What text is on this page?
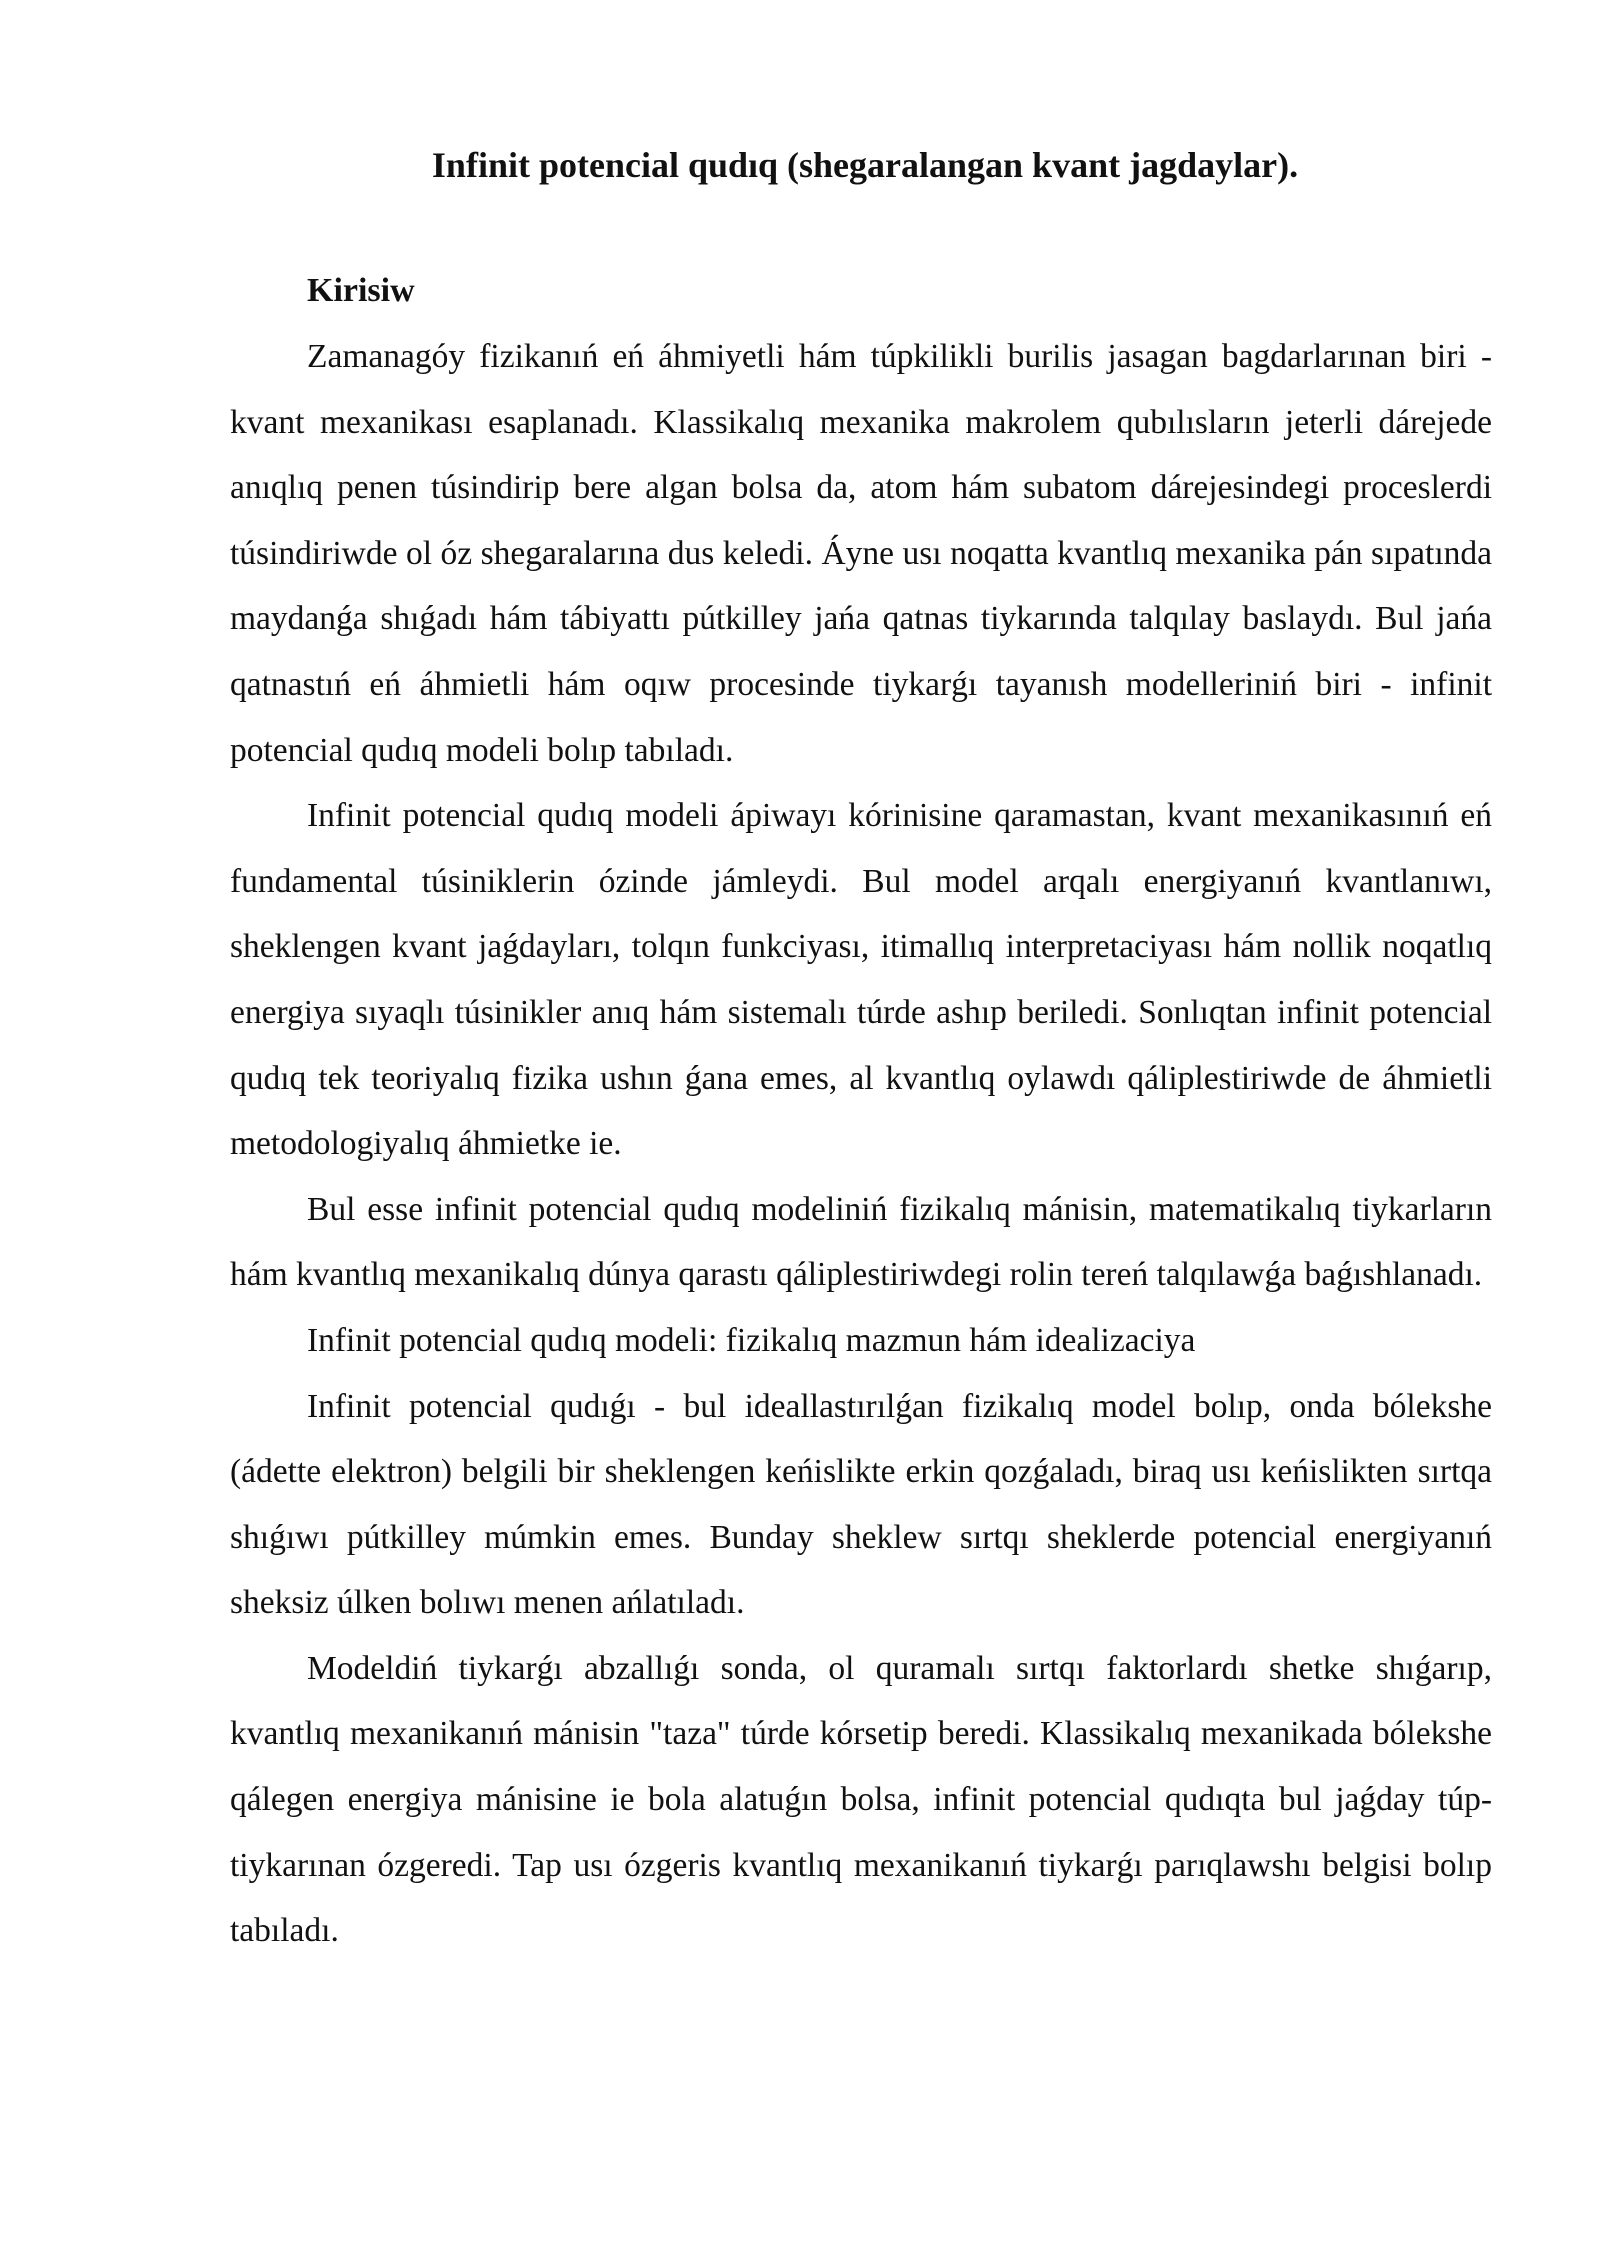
Infinit potencial qudıq (shegaralangan kvant jagdaylar).
Kirisiw

Zamanagóy fizikanıń eń áhmiyetli hám túpkilikli burilis jasagan bagdarlarınan biri - kvant mexanikası esaplanadı. Klassikalıq mexanika makrolem qubılısların jeterli dárejede anıqlıq penen túsindirip bere algan bolsa da, atom hám subatom dárejesindegi proceslerdi túsindiriwde ol óz shegaralarına dus keledi. Áyne usı noqatta kvantlıq mexanika pán sıpatında maydanǵa shıǵadı hám tábiyattı pútkilley jańa qatnas tiykarında talqılay baslaydı. Bul jańa qatnastıń eń áhmietli hám oqıw procesinde tiykarǵı tayanısh modelleriniń biri - infinit potencial qudıq modeli bolıp tabıladı.

Infinit potencial qudıq modeli ápiwayı kórinisine qaramastan, kvant mexanikasınıń eń fundamental túsiniklerin ózinde jámleydi. Bul model arqalı energiyanıń kvantlanıwı, sheklengen kvant jaǵdayları, tolqın funkciyası, itimallıq interpretaciyası hám nollik noqatlıq energiya sıyaqlı túsinikler anıq hám sistemalı túrde ashıp beriledi. Sonlıqtan infinit potencial qudıq tek teoriyalıq fizika ushın ǵana emes, al kvantlıq oylawdı qáliplestiriwde de áhmietli metodologiyalıq áhmietke ie.

Bul esse infinit potencial qudıq modeliniń fizikalıq mánisin, matematikalıq tiykarların hám kvantlıq mexanikalıq dúnya qarastı qáliplestiriwdegi rolin tereń talqılawǵa baǵıshlanadı.

Infinit potencial qudıq modeli: fizikalıq mazmun hám idealizaciya

Infinit potencial qudıǵı - bul ideallastırılǵan fizikalıq model bolıp, onda bólekshe (ádette elektron) belgili bir sheklengen keńislikte erkin qozǵaladı, biraq usı keńislikten sırtqa shıǵıwı pútkilley múmkin emes. Bunday sheklew sırtqı sheklerde potencial energiyanıń sheksiz úlken bolıwı menen ańlatıladı.

Modeldiń tiykarǵı abzallıǵı sonda, ol quramalı sırtqı faktorlardı shetke shıǵarıp, kvantlıq mexanikanıń mánisin "taza" túrde kórsetip beredi. Klassikalıq mexanikada bólekshe qálegen energiya mánisine ie bola alatuǵın bolsa, infinit potencial qudıqta bul jaǵday túp-tiykarınan ózgeredi. Tap usı ózgeris kvantlıq mexanikanıń tiykarǵı parıqlawshı belgisi bolıp tabıladı.
